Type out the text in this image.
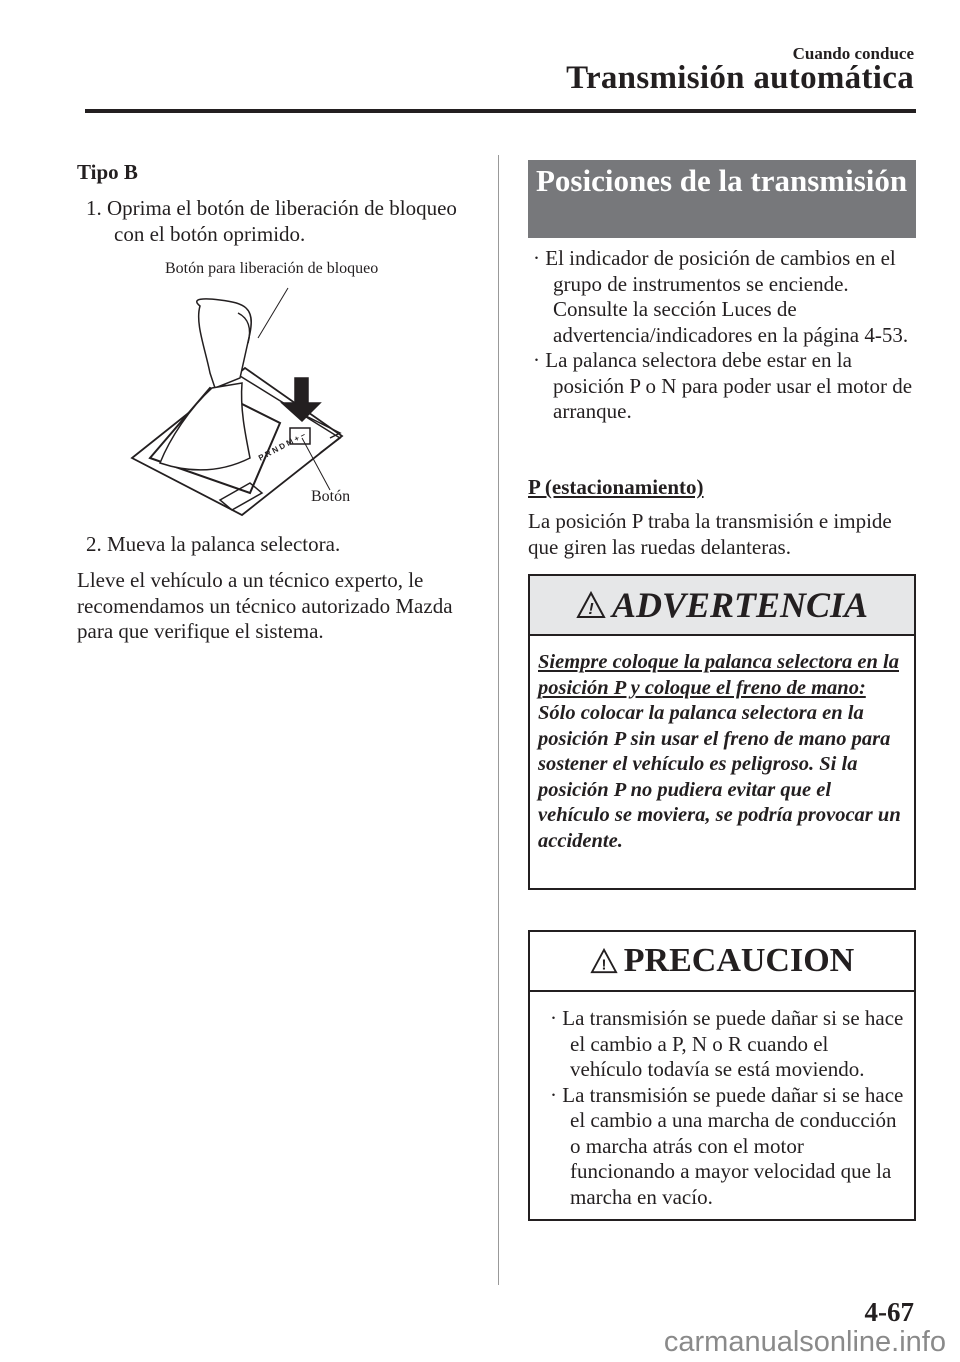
Cuando conduce
Transmisión automática
Tipo B
1. Oprima el botón de liberación de bloqueo con el botón oprimido.
Botón para liberación de bloqueo
Botón
P R N D M + −
2. Mueva la palanca selectora.
Lleve el vehículo a un técnico experto, le recomendamos un técnico autorizado Mazda para que verifique el sistema.
Posiciones de la transmisión

· El indicador de posición de cambios en el grupo de instrumentos se enciende. Consulte la sección Luces de advertencia/indicadores en la página 4-53.

· La palanca selectora debe estar en la posición P o N para poder usar el motor de arranque.

P (estacionamiento)
La posición P traba la transmisión e impide que giren las ruedas delanteras.
! ADVERTENCIA

Siempre coloque la palanca selectora en la posición P y coloque el freno de mano:

Sólo colocar la palanca selectora en la posición P sin usar el freno de mano para sostener el vehículo es peligroso. Si la posición P no pudiera evitar que el vehículo se moviera, se podría provocar un accidente.

! PRECAUCION

· La transmisión se puede dañar si se hace el cambio a P, N o R cuando el vehículo todavía se está moviendo.

· La transmisión se puede dañar si se hace el cambio a una marcha de conducción o marcha atrás con el motor funcionando a mayor velocidad que la marcha en vacío.

4-67
carmanualsonline.info
